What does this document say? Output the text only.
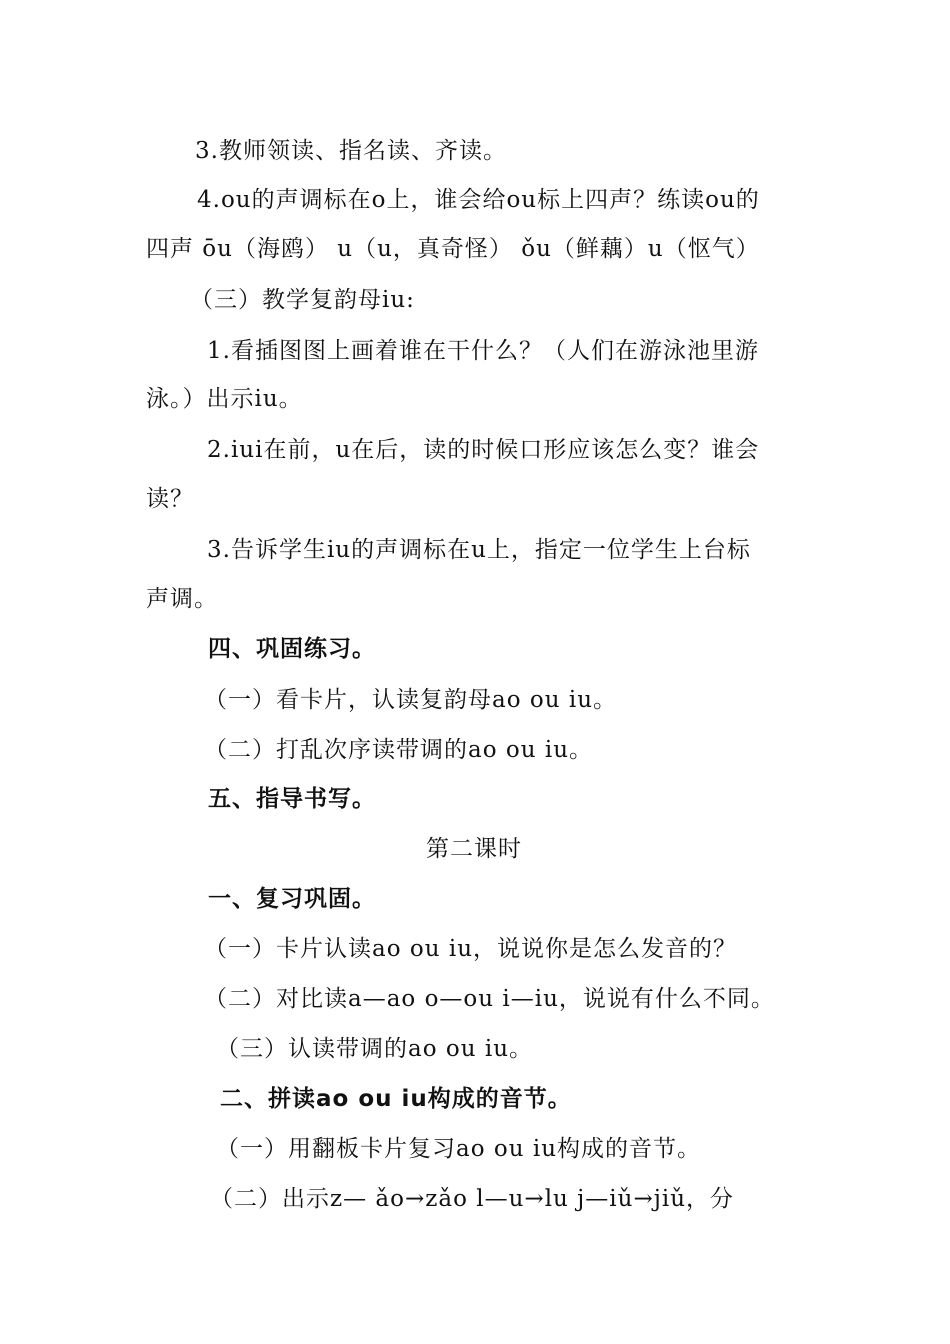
3.教师领读、指名读、齐读。
4.ou的声调标在o上，谁会给ou标上四声？练读ou的
四声 ōu（海鸥） u（u，真奇怪） ǒu（鲜藕）u（怄气）
（三）教学复韵母iu:
1.看插图图上画着谁在干什么？（人们在游泳池里游
泳。）出示iu。
2.iui在前，u在后，读的时候口形应该怎么变？谁会
读？
3.告诉学生iu的声调标在u上，指定一位学生上台标
声调。
四、巩固练习。
（一）看卡片，认读复韵母ao ou iu。
（二）打乱次序读带调的ao ou iu。
五、指导书写。
第二课时
一、复习巩固。
（一）卡片认读ao ou iu，说说你是怎么发音的？
（二）对比读a—ao o—ou i—iu，说说有什么不同。
（三）认读带调的ao ou iu。
二、拼读ao ou iu构成的音节。
（一）用翻板卡片复习ao ou iu构成的音节。
（二）出示z— ǎo→zǎo l—u→lu j—iǔ→jiǔ，分
